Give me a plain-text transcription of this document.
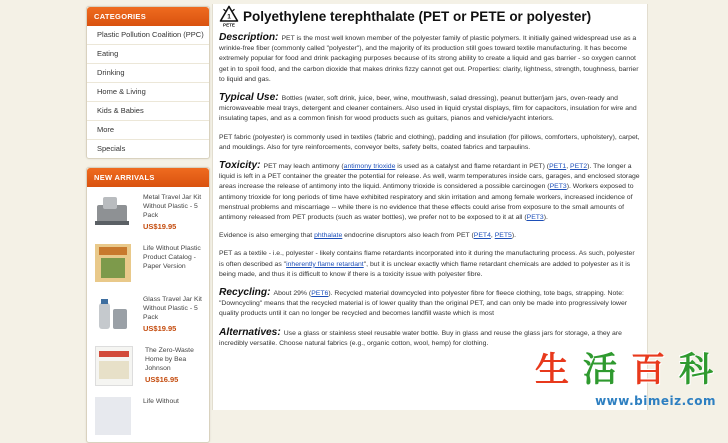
CATEGORIES
Plastic Pollution Coalition (PPC)
Eating
Drinking
Home & Living
Kids & Babies
More
Specials
NEW ARRIVALS
Metal Travel Jar Kit Without Plastic - 5 Pack
US$19.95
Life Without Plastic Product Catalog - Paper Version
Glass Travel Jar Kit Without Plastic - 5 Pack
US$19.95
The Zero-Waste Home by Bea Johnson
US$16.95
Life Without
1
PETE
Polyethylene terephthalate (PET or PETE or polyester)

Description: PET is the most well known member of the polyester family of plastic polymers. It initially gained widespread use as a wrinkle-free fiber (commonly called "polyester"), and the majority of its production still goes toward textile manufacturing. It has become extremely popular for food and drink packaging purposes because of its strong ability to create a liquid and gas barrier - so oxygen cannot get in to spoil food, and the carbon dioxide that makes drinks fizzy cannot get out. Properties: clarity, lightness, strength, toughness, barrier to liquid and gas.

Typical Use: Bottles (water, soft drink, juice, beer, wine, mouthwash, salad dressing), peanut butter/jam jars, oven-ready and microwaveable meal trays, detergent and cleaner containers. Also used in liquid crystal displays, film for capacitors, insulation for wire and insulating tapes, and as a common finish for wood products such as guitars, pianos and vehicle/yacht interiors.

PET fabric (polyester) is commonly used in textiles (fabric and clothing), padding and insulation (for pillows, comforters, upholstery), carpet, and mouldings. Also for tyre reinforcements, conveyor belts, safety belts, coated fabrics and tarpaulins.

Toxicity: PET may leach antimony (antimony trioxide is used as a catalyst and flame retardant in PET) (PET1, PET2). The longer a liquid is left in a PET container the greater the potential for release. As well, warm temperatures inside cars, garages, and enclosed storage areas increase the release of antimony into the liquid. Antimony trioxide is considered a possible carcinogen (PET3). Workers exposed to antimony trioxide for long periods of time have exhibited respiratory and skin irritation and among female workers, increased incidence of menstrual problems and miscarriage -- while there is no evidence that these effects could arise from exposure to the small amounts of antimony released from PET products (such as water bottles), we prefer not to be exposed to it at all (PET3).

Evidence is also emerging that phthalate endocrine disruptors also leach from PET (PET4, PET5).

PET as a textile - i.e., polyester - likely contains flame retardants incorporated into it during the manufacturing process. As such, polyester is often described as "inherently flame retardant", but it is unclear exactly which flame retardant chemicals are added to polyester as it is being made, and thus it is difficult to know if there is a toxicity issue with polyester fibre.

Recycling: About 29% (PET6). Recycled material downcycled into polyester fibre for fleece clothing, tote bags, strapping. Note: "Downcycling" means that the recycled material is of lower quality than the original PET, and can only be made into progressively lower quality products until it can no longer be recycled and becomes landfill waste which is most

Alternatives: Use a glass or stainless steel reusable water bottle. Buy in glass and reuse the glass jars for storage, a they are incredibly versatile. Choose natural fabrics (e.g., organic cotton, wool, hemp) for clothing.

生 活 百 科
www.bimeiz.com
